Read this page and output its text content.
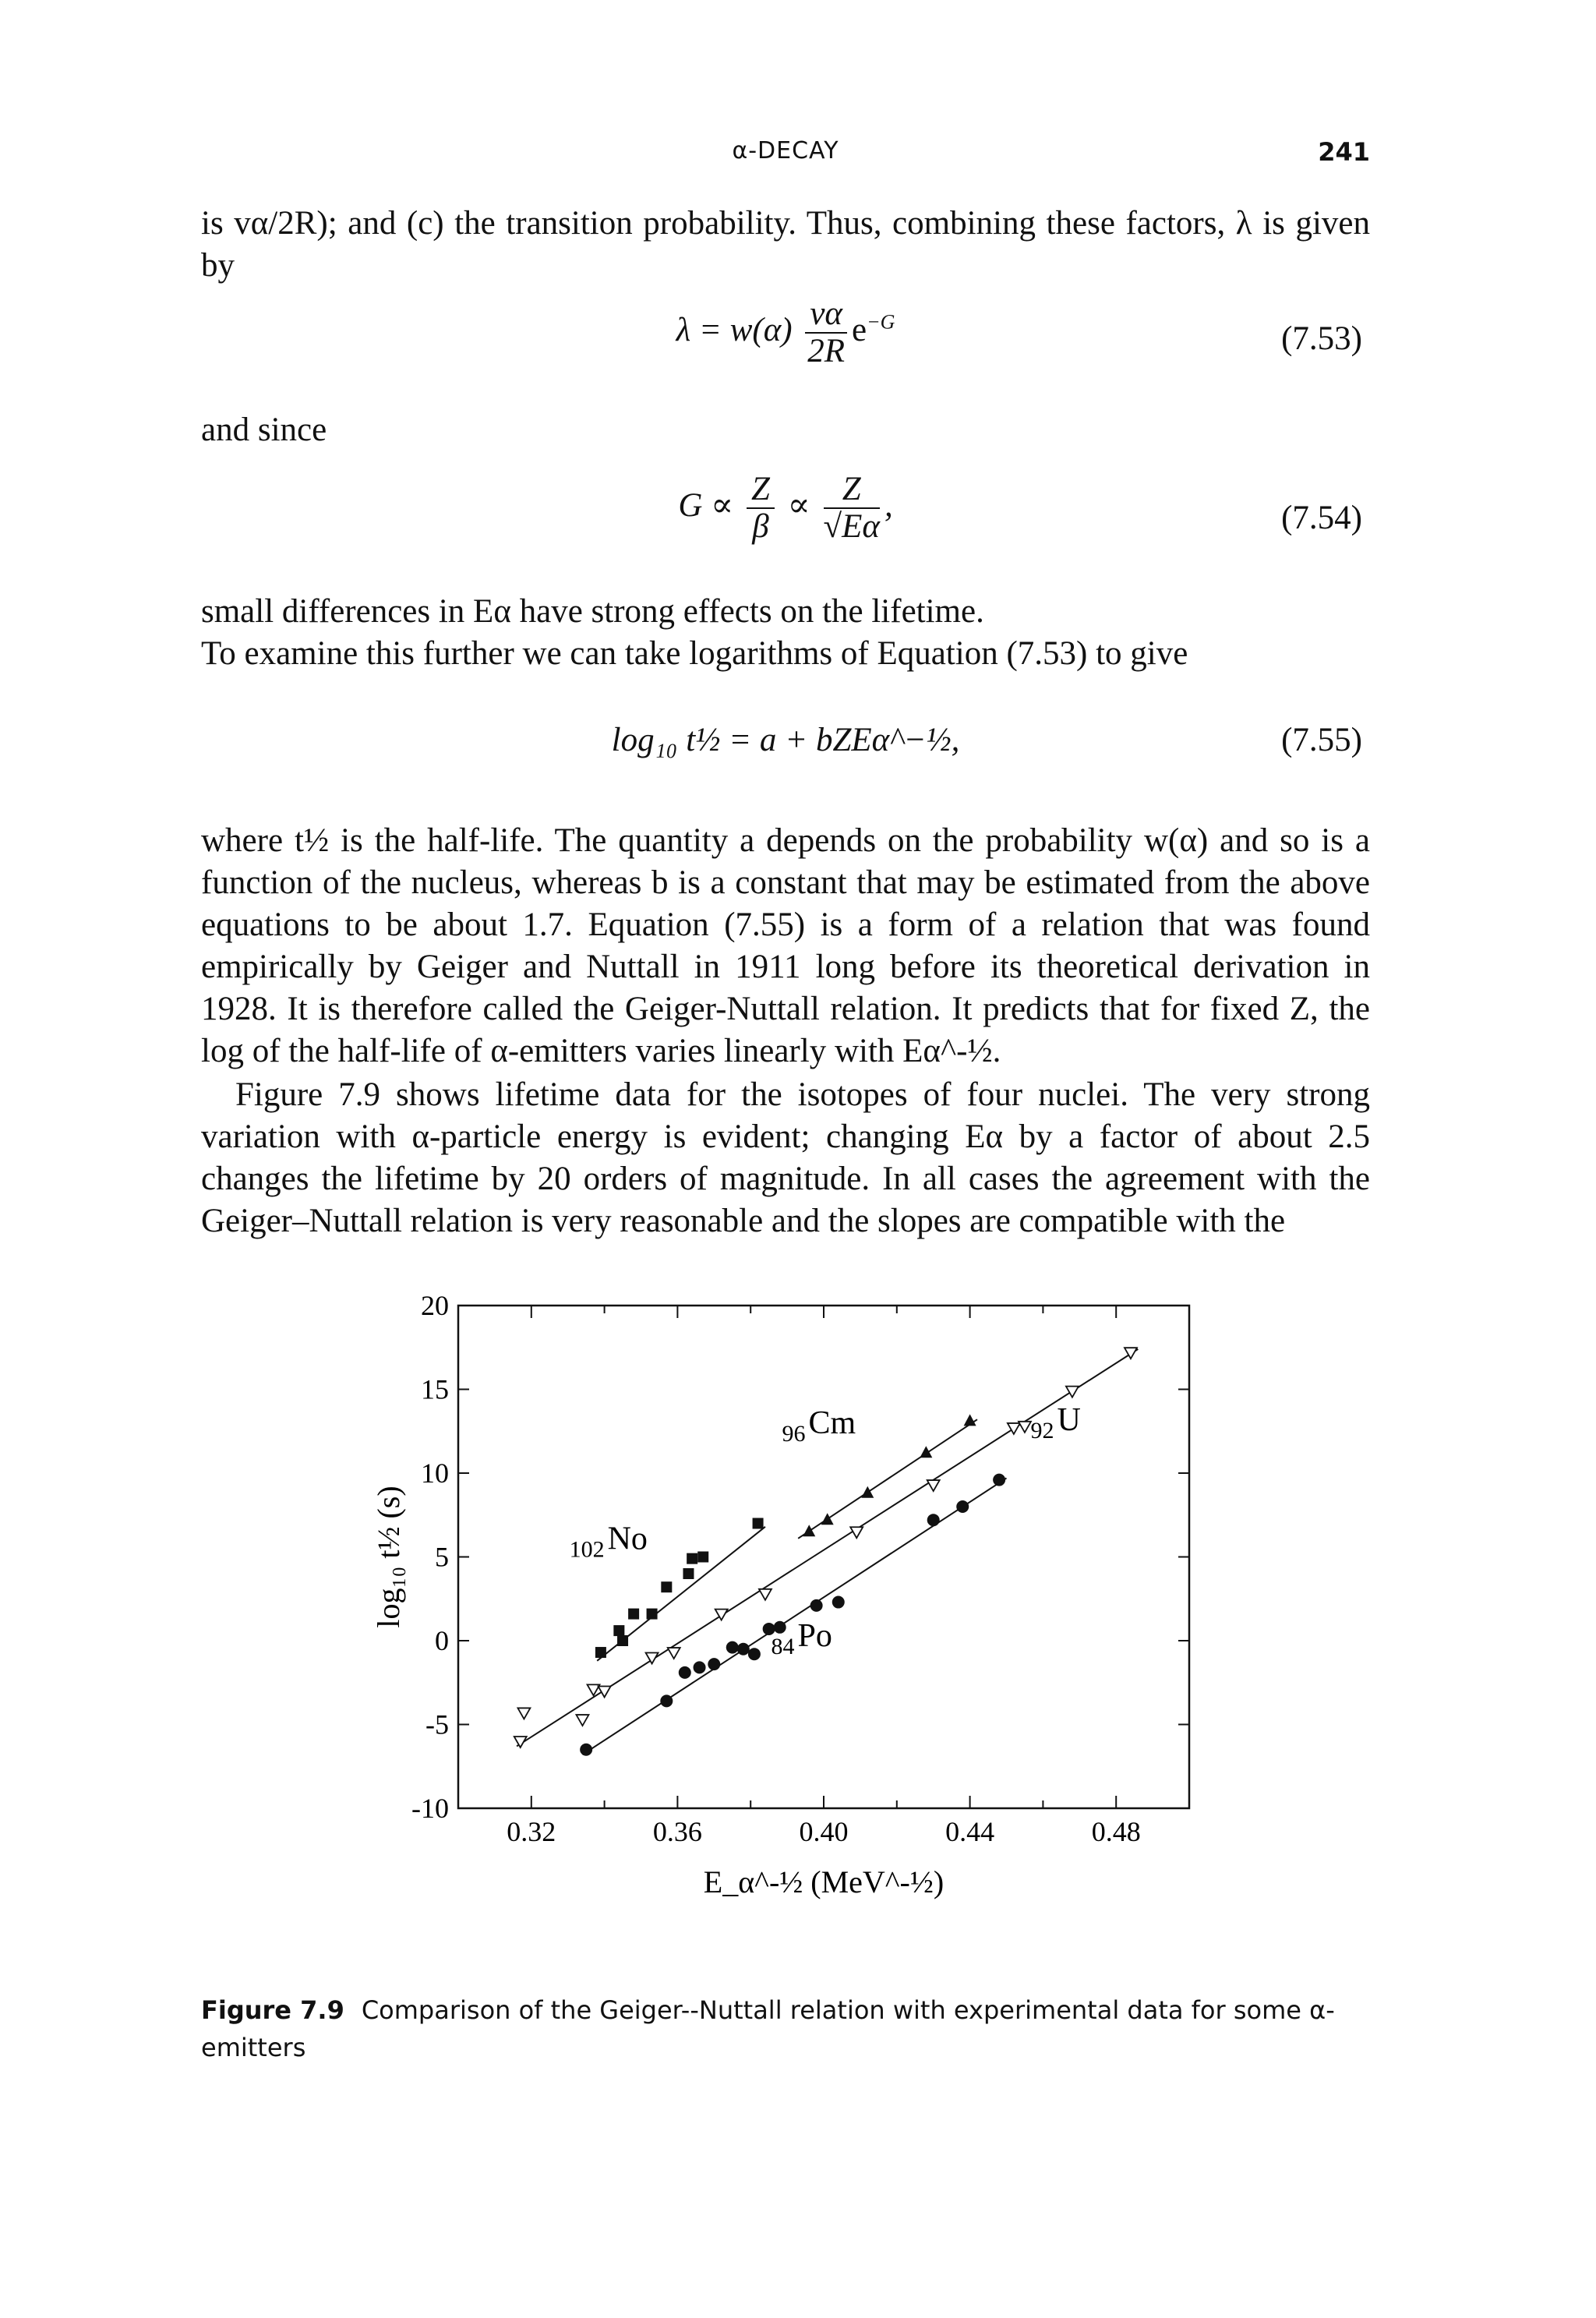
α-DECAY	241

is vα/2R); and (c) the transition probability. Thus, combining these factors, λ is given by

$\lambda = w(\alpha) \frac{v\alpha}{2R} e^{-G}$	(7.53)

and since

$G \propto \frac{Z}{\beta} \propto \frac{Z}{√E\alpha}$ ,	(7.54)

small differences in Eα have strong effects on the lifetime.

To examine this further we can take logarithms of Equation (7.53) to give

log₁₀ t½ = a + bZEα^−½,	(7.55)

where t½ is the half-life. The quantity a depends on the probability w(α) and so is a function of the nucleus, whereas b is a constant that may be estimated from the above equations to be about 1.7. Equation (7.55) is a form of a relation that was found empirically by Geiger and Nuttall in 1911 long before its theoretical derivation in 1928. It is therefore called the Geiger-Nuttall relation. It predicts that for fixed Z, the log of the half-life of α-emitters varies linearly with Eα^-½.

Figure 7.9 shows lifetime data for the isotopes of four nuclei. The very strong variation with α-particle energy is evident; changing Eα by a factor of about 2.5 changes the lifetime by 20 orders of magnitude. In all cases the agreement with the Geiger–Nuttall relation is very reasonable and the slopes are compatible with the

0.32	0.36	0.40	0.44	0.48
20
15
10
5
0
-5
-10
E_α^-½ (MeV^-½)
log₁₀ t½ (s)	102 No
96 Cm	92 U
84 Po
Figure 7.9 Comparison of the Geiger--Nuttall relation with experimental data for some α-emitters
